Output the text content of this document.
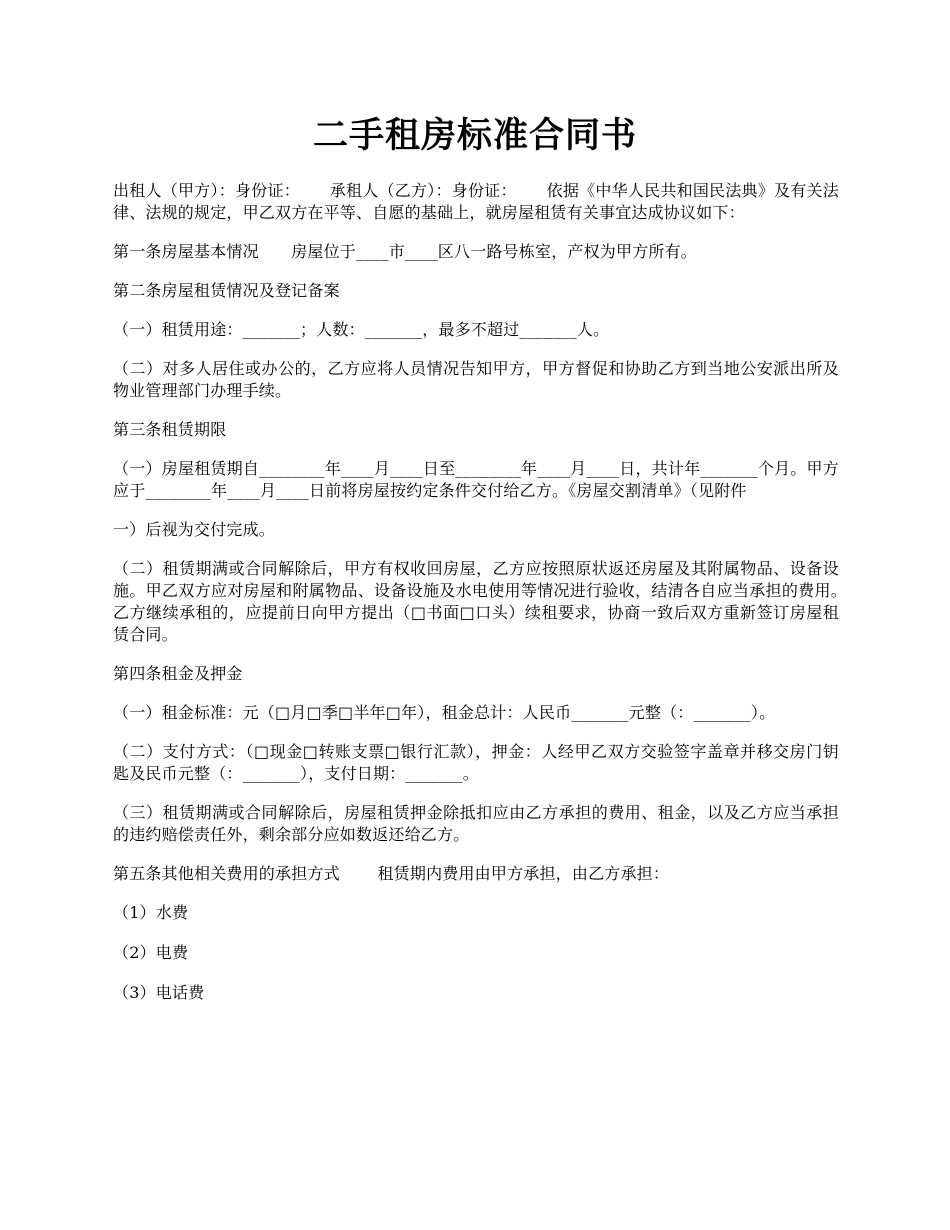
二手租房标准合同书

出租人（甲方）：身份证：　　 承租人（乙方）：身份证：　　 依据《中华人民共和国民法典》及有关法律、法规的规定，甲乙双方在平等、自愿的基础上，就房屋租赁有关事宜达成协议如下：

第一条房屋基本情况　　房屋位于____市____区八一路号栋室，产权为甲方所有。

第二条房屋租赁情况及登记备案

（一）租赁用途：_______；人数：_______，最多不超过_______人。

（二）对多人居住或办公的，乙方应将人员情况告知甲方，甲方督促和协助乙方到当地公安派出所及物业管理部门办理手续。

第三条租赁期限

（一）房屋租赁期自________年____月____日至________年____月____日，共计年_______个月。甲方应于________年____月____日前将房屋按约定条件交付给乙方。《房屋交割清单》（见附件

一）后视为交付完成。

（二）租赁期满或合同解除后，甲方有权收回房屋，乙方应按照原状返还房屋及其附属物品、设备设施。甲乙双方应对房屋和附属物品、设备设施及水电使用等情况进行验收，结清各自应当承担的费用。　　 乙方继续承租的，应提前日向甲方提出（□书面□口头）续租要求，协商一致后双方重新签订房屋租赁合同。

第四条租金及押金

（一）租金标准：元（□月□季□半年□年），租金总计：人民币_______元整（：_______）。

（二）支付方式：（□现金□转账支票□银行汇款），押金：人经甲乙双方交验签字盖章并移交房门钥匙及民币元整（：_______），支付日期：_______。

（三）租赁期满或合同解除后，房屋租赁押金除抵扣应由乙方承担的费用、租金，以及乙方应当承担的违约赔偿责任外，剩余部分应如数返还给乙方。

第五条其他相关费用的承担方式　　 租赁期内费用由甲方承担，由乙方承担：

（1）水费

（2）电费

（3）电话费
